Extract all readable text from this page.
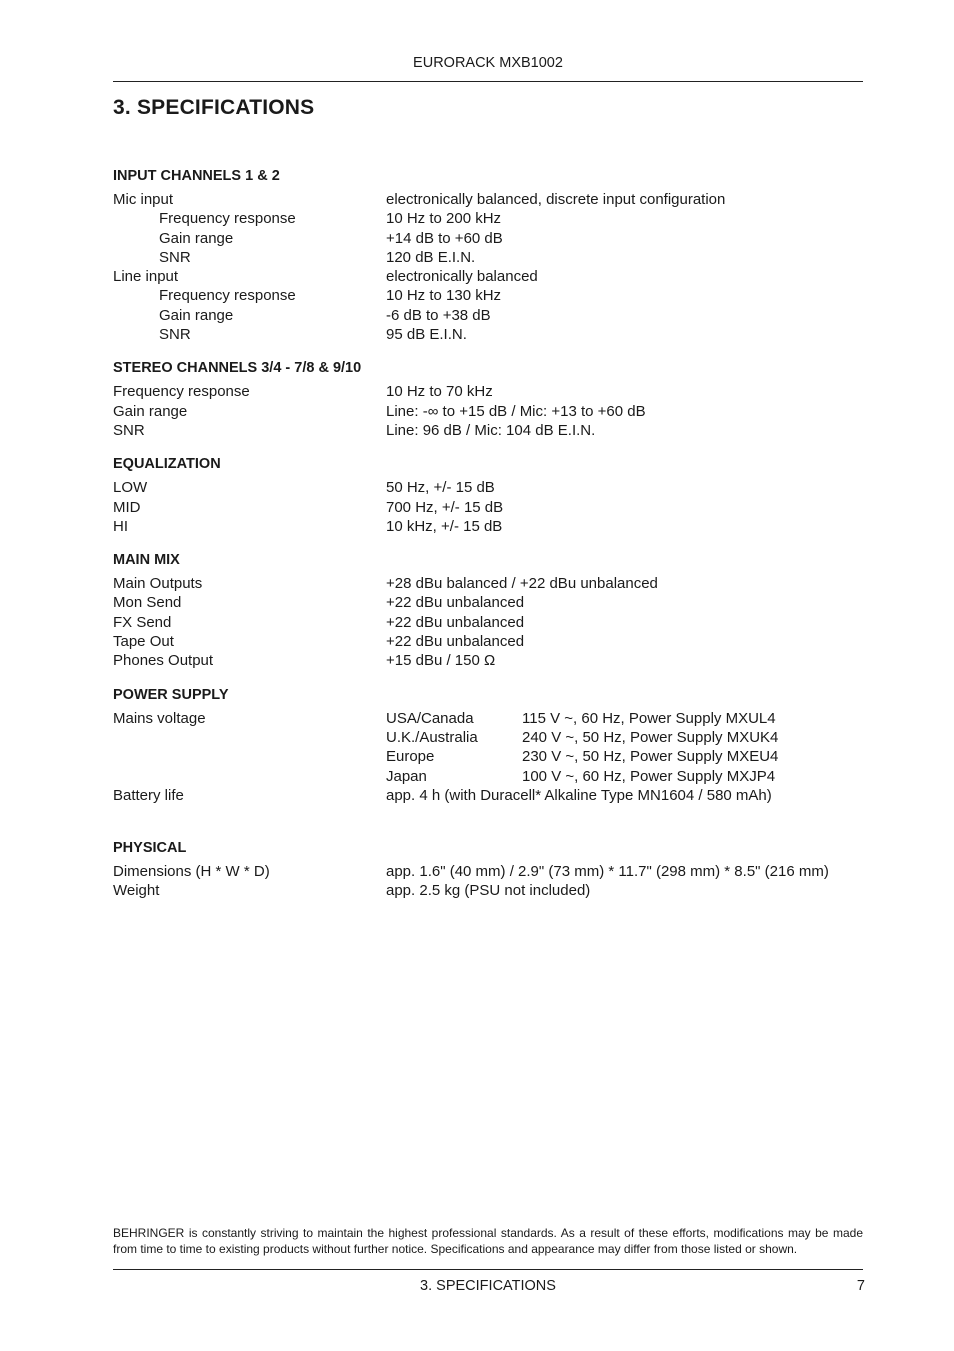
EURORACK MXB1002
3. SPECIFICATIONS
INPUT CHANNELS 1 & 2
Mic input	electronically balanced, discrete input configuration
Frequency response	10 Hz to 200 kHz
Gain range	+14 dB to +60 dB
SNR	120 dB E.I.N.
Line input	electronically balanced
Frequency response	10 Hz to 130 kHz
Gain range	-6 dB to +38 dB
SNR	95 dB E.I.N.
STEREO CHANNELS 3/4 - 7/8 & 9/10
Frequency response	10 Hz to 70 kHz
Gain range	Line: -∞ to +15 dB / Mic: +13 to +60 dB
SNR	Line: 96 dB / Mic: 104 dB E.I.N.
EQUALIZATION
LOW	50 Hz, +/- 15 dB
MID	700 Hz, +/- 15 dB
HI	10 kHz, +/- 15 dB
MAIN MIX
Main Outputs	+28 dBu balanced / +22 dBu unbalanced
Mon Send	+22 dBu unbalanced
FX Send	+22 dBu unbalanced
Tape Out	+22 dBu unbalanced
Phones Output	+15 dBu / 150 Ω
POWER SUPPLY
Mains voltage	USA/Canada	115 V ~, 60 Hz, Power Supply MXUL4
U.K./Australia	240 V ~, 50 Hz, Power Supply MXUK4
Europe	230 V ~, 50 Hz, Power Supply MXEU4
Japan	100 V ~, 60 Hz, Power Supply MXJP4
Battery life	app. 4 h (with Duracell* Alkaline Type MN1604 / 580 mAh)
PHYSICAL
Dimensions (H * W * D)	app. 1.6" (40 mm) / 2.9" (73 mm) * 11.7" (298 mm) * 8.5" (216 mm)
Weight	app. 2.5 kg (PSU not included)
BEHRINGER is constantly striving to maintain the highest professional standards. As a result of these efforts, modifications may be made from time to time to existing products without further notice. Specifications and appearance may differ from those listed or shown.
3. SPECIFICATIONS	7
